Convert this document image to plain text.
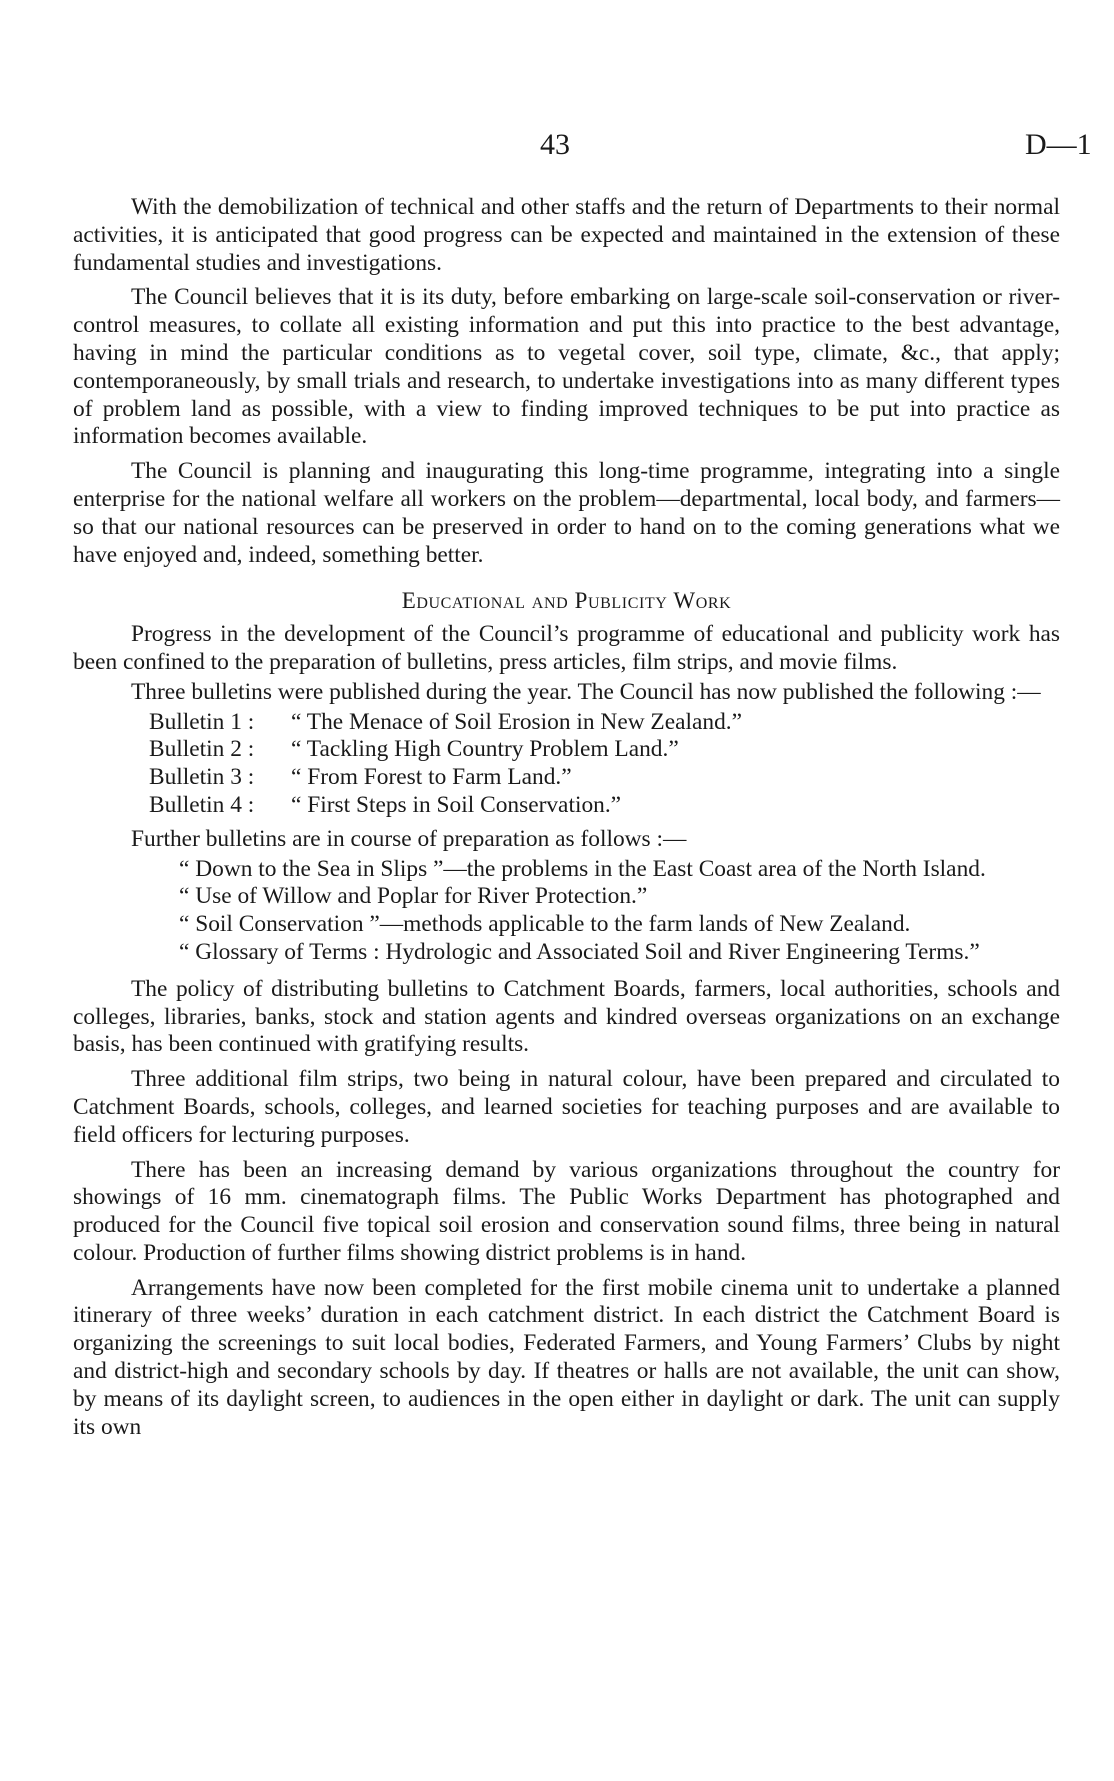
43	D—1

With the demobilization of technical and other staffs and the return of Departments to their normal activities, it is anticipated that good progress can be expected and maintained in the extension of these fundamental studies and investigations.

The Council believes that it is its duty, before embarking on large-scale soil-conservation or river-control measures, to collate all existing information and put this into practice to the best advantage, having in mind the particular conditions as to vegetal cover, soil type, climate, &c., that apply; contemporaneously, by small trials and research, to undertake investigations into as many different types of problem land as possible, with a view to finding improved techniques to be put into practice as information becomes available.

The Council is planning and inaugurating this long-time programme, integrating into a single enterprise for the national welfare all workers on the problem—departmental, local body, and farmers—so that our national resources can be preserved in order to hand on to the coming generations what we have enjoyed and, indeed, something better.

Educational and Publicity Work

Progress in the development of the Council’s programme of educational and publicity work has been confined to the preparation of bulletins, press articles, film strips, and movie films.

Three bulletins were published during the year. The Council has now published the following :—

Bulletin 1 : “ The Menace of Soil Erosion in New Zealand.”
Bulletin 2 : “ Tackling High Country Problem Land.”
Bulletin 3 : “ From Forest to Farm Land.”
Bulletin 4 : “ First Steps in Soil Conservation.”

Further bulletins are in course of preparation as follows :—

“ Down to the Sea in Slips ”—the problems in the East Coast area of the North Island.
“ Use of Willow and Poplar for River Protection.”
“ Soil Conservation ”—methods applicable to the farm lands of New Zealand.
“ Glossary of Terms : Hydrologic and Associated Soil and River Engineering Terms.”

The policy of distributing bulletins to Catchment Boards, farmers, local authorities, schools and colleges, libraries, banks, stock and station agents and kindred overseas organizations on an exchange basis, has been continued with gratifying results.

Three additional film strips, two being in natural colour, have been prepared and circulated to Catchment Boards, schools, colleges, and learned societies for teaching purposes and are available to field officers for lecturing purposes.

There has been an increasing demand by various organizations throughout the country for showings of 16 mm. cinematograph films. The Public Works Department has photographed and produced for the Council five topical soil erosion and conservation sound films, three being in natural colour. Production of further films showing district problems is in hand.

Arrangements have now been completed for the first mobile cinema unit to undertake a planned itinerary of three weeks’ duration in each catchment district. In each district the Catchment Board is organizing the screenings to suit local bodies, Federated Farmers, and Young Farmers’ Clubs by night and district-high and secondary schools by day. If theatres or halls are not available, the unit can show, by means of its daylight screen, to audiences in the open either in daylight or dark. The unit can supply its own
